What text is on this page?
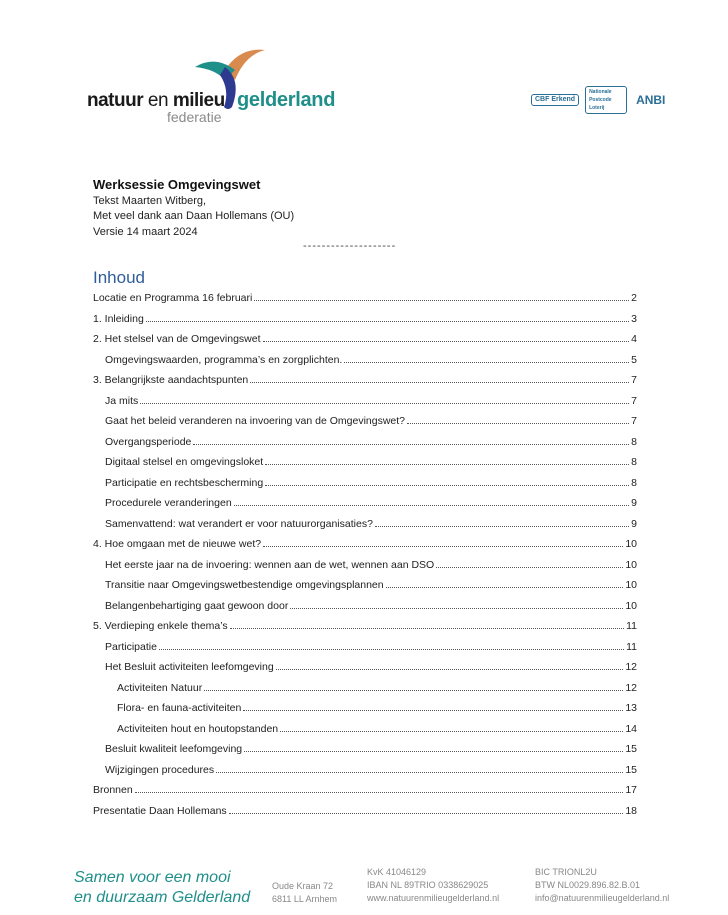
natuur en milieu gelderland
federatie
CBF Erkend
Nationale Postcode Loterij
ANBI
Werksessie Omgevingswet
Tekst Maarten Witberg,
Met veel dank aan Daan Hollemans (OU)
Versie 14 maart 2024
--------------------
Inhoud
Locatie en Programma 16 februari	2
1. Inleiding	3
2. Het stelsel van de Omgevingswet	4
Omgevingswaarden, programma’s en zorgplichten.	5
3. Belangrijkste aandachtspunten	7
Ja mits	7
Gaat het beleid veranderen na invoering van de Omgevingswet?	7
Overgangsperiode	8
Digitaal stelsel en omgevingsloket	8
Participatie en rechtsbescherming	8
Procedurele veranderingen	9
Samenvattend: wat verandert er voor natuurorganisaties?	9
4. Hoe omgaan met de nieuwe wet?	10
Het eerste jaar na de invoering: wennen aan de wet, wennen aan DSO	10
Transitie naar Omgevingswetbestendige omgevingsplannen	10
Belangenbehartiging gaat gewoon door	10
5. Verdieping enkele thema’s	11
Participatie	11
Het Besluit activiteiten leefomgeving	12
Activiteiten Natuur	12
Flora- en fauna-activiteiten	13
Activiteiten hout en houtopstanden	14
Besluit kwaliteit leefomgeving	15
Wijzigingen procedures	15
Bronnen	17
Presentatie Daan Hollemans	18
Samen voor een mooi
en duurzaam Gelderland
Oude Kraan 72
6811 LL Arnhem
KvK 41046129
IBAN NL 89TRIO 0338629025
www.natuurenmilieugelderland.nl
BIC TRIONL2U
BTW NL0029.896.82.B.01
info@natuurenmilieugelderland.nl
